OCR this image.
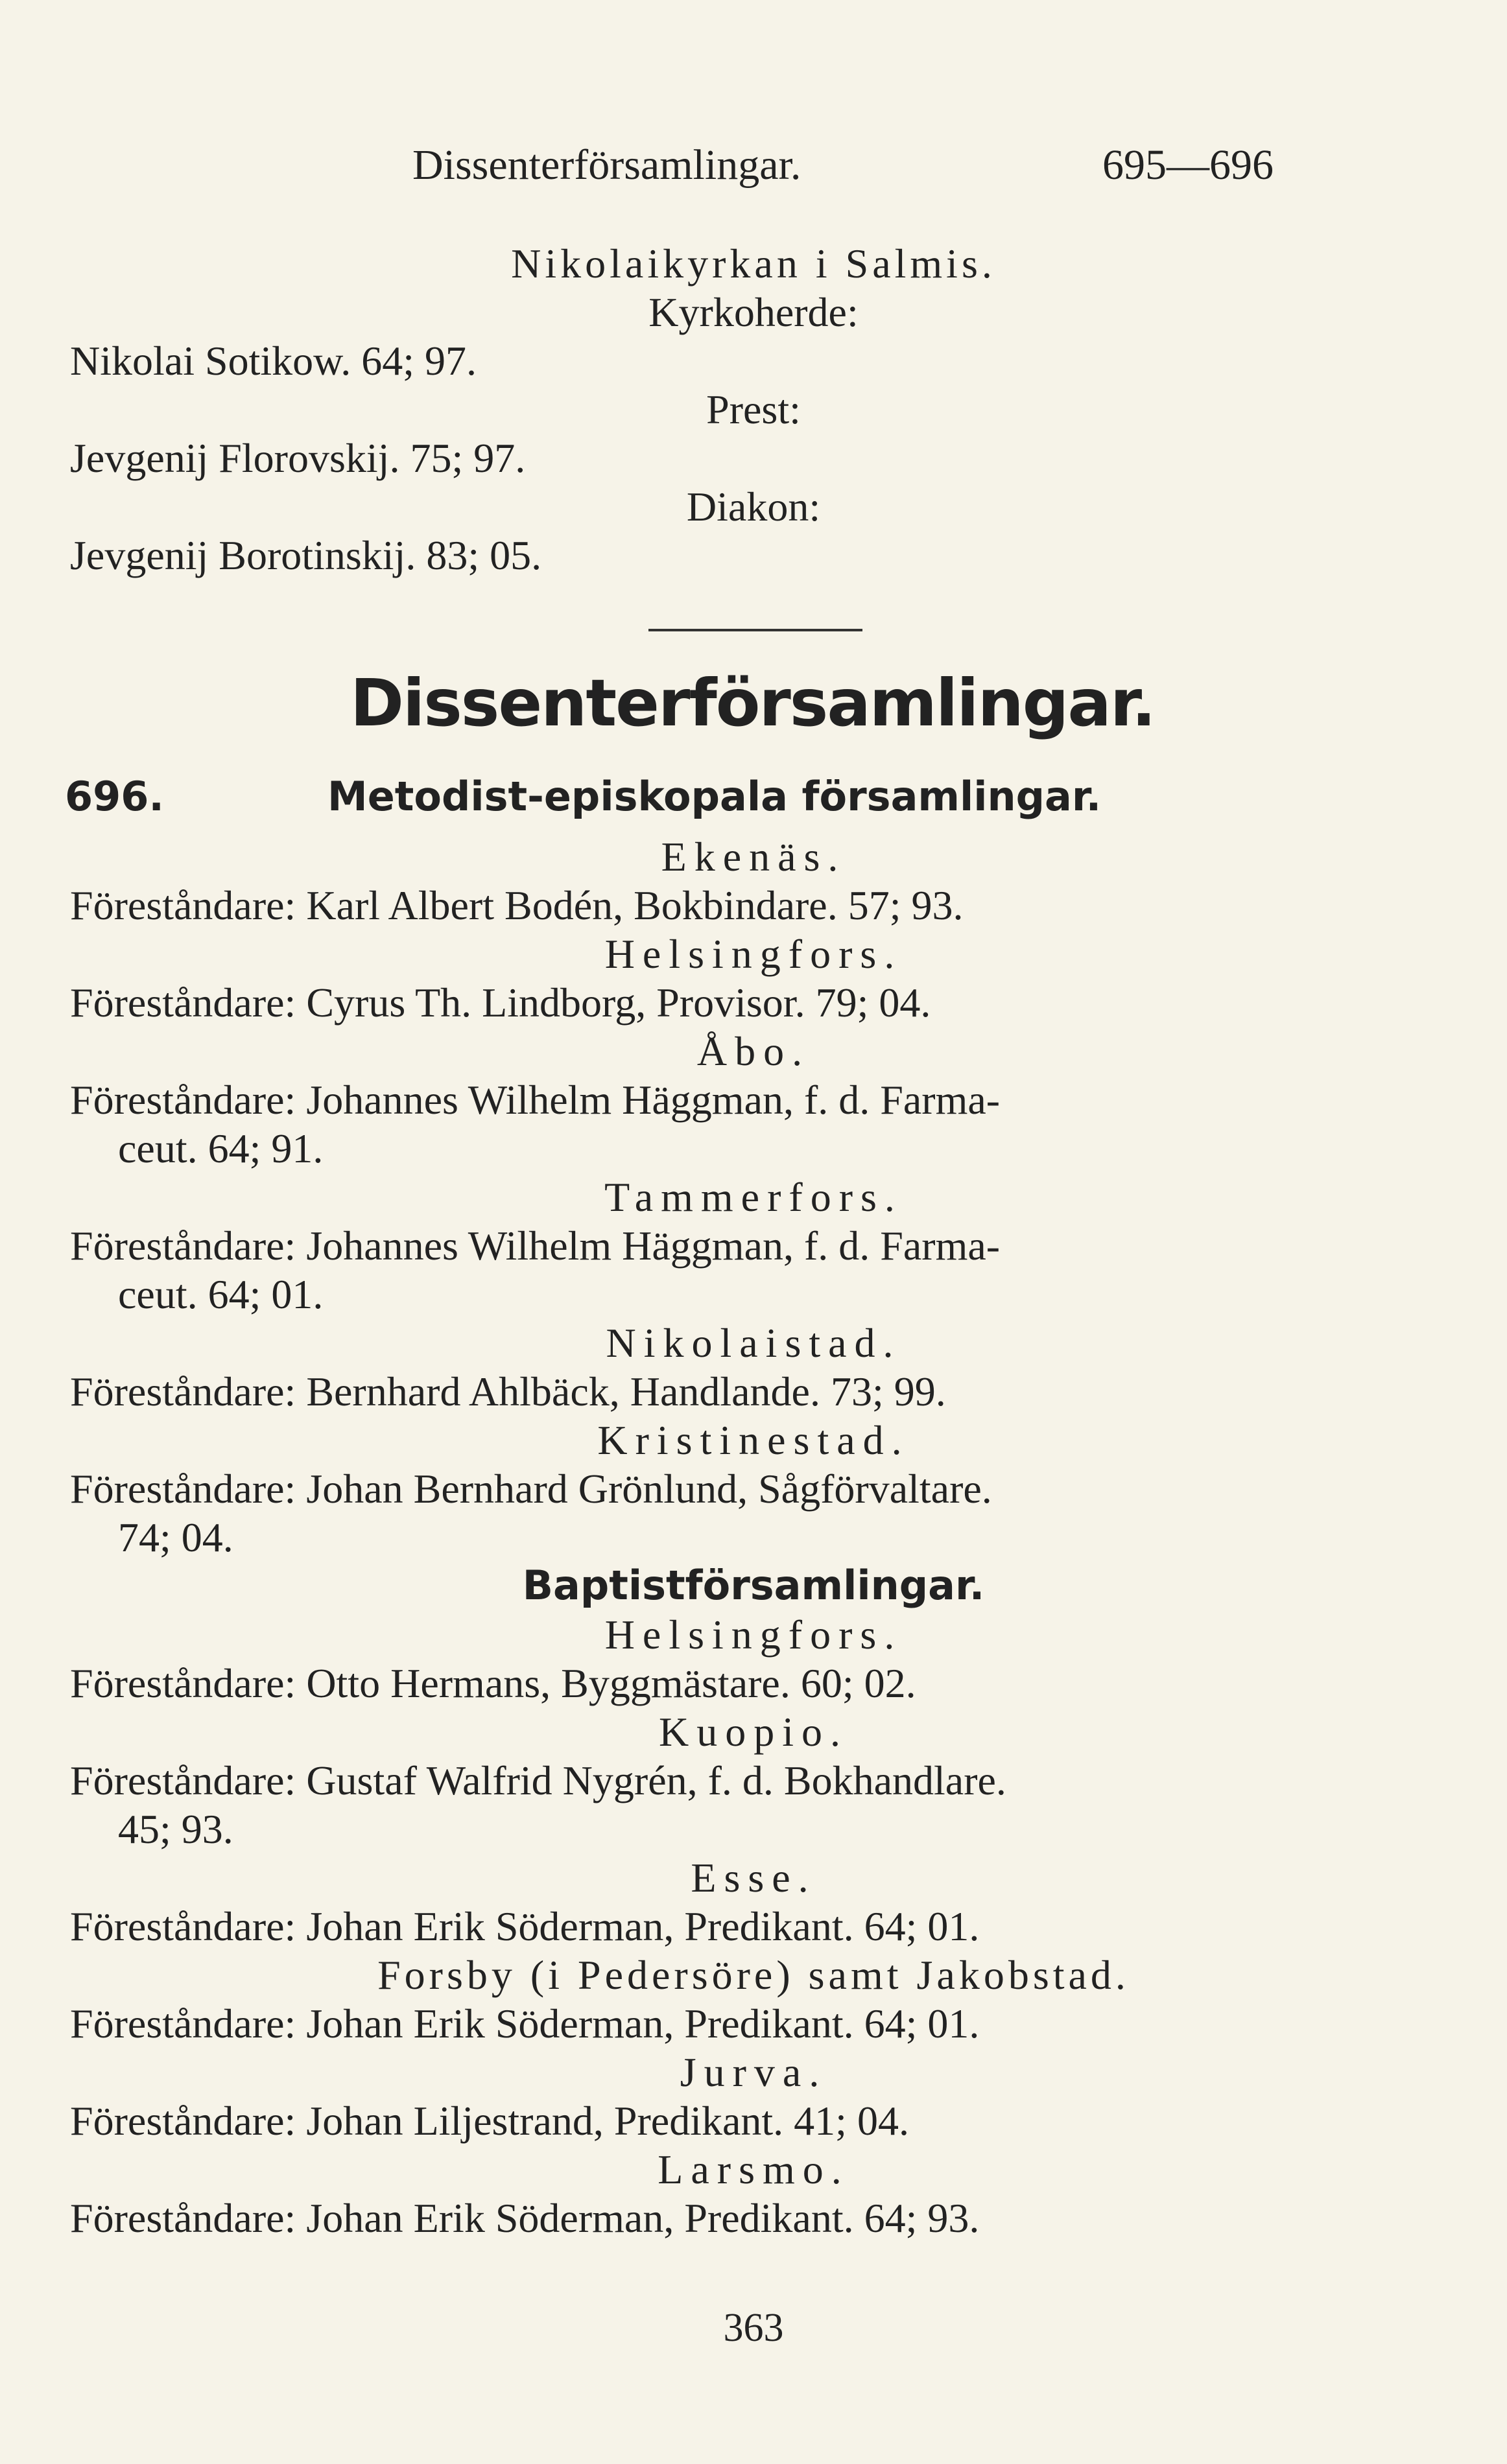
Dissenterförsamlingar.	695—696
Nikolaikyrkan i Salmis.
Kyrkoherde:
Nikolai Sotikow. 64; 97.
Prest:
Jevgenij Florovskij. 75; 97.
Diakon:
Jevgenij Borotinskij. 83; 05.
Dissenterförsamlingar.
696.	Metodist-episkopala församlingar.
Ekenäs.
Föreståndare: Karl Albert Bodén, Bokbindare. 57; 93.
Helsingfors.
Föreståndare: Cyrus Th. Lindborg, Provisor. 79; 04.
Åbo.
Föreståndare: Johannes Wilhelm Häggman, f. d. Farma-
ceut. 64; 91.
Tammerfors.
Föreståndare: Johannes Wilhelm Häggman, f. d. Farma-
ceut. 64; 01.
Nikolaistad.
Föreståndare: Bernhard Ahlbäck, Handlande. 73; 99.
Kristinestad.
Föreståndare: Johan Bernhard Grönlund, Sågförvaltare.
74; 04.
Baptistförsamlingar.
Helsingfors.
Föreståndare: Otto Hermans, Byggmästare. 60; 02.
Kuopio.
Föreståndare: Gustaf Walfrid Nygrén, f. d. Bokhandlare.
45; 93.
Esse.
Föreståndare: Johan Erik Söderman, Predikant. 64; 01.
Forsby (i Pedersöre) samt Jakobstad.
Föreståndare: Johan Erik Söderman, Predikant. 64; 01.
Jurva.
Föreståndare: Johan Liljestrand, Predikant. 41; 04.
Larsmo.
Föreståndare: Johan Erik Söderman, Predikant. 64; 93.
363
